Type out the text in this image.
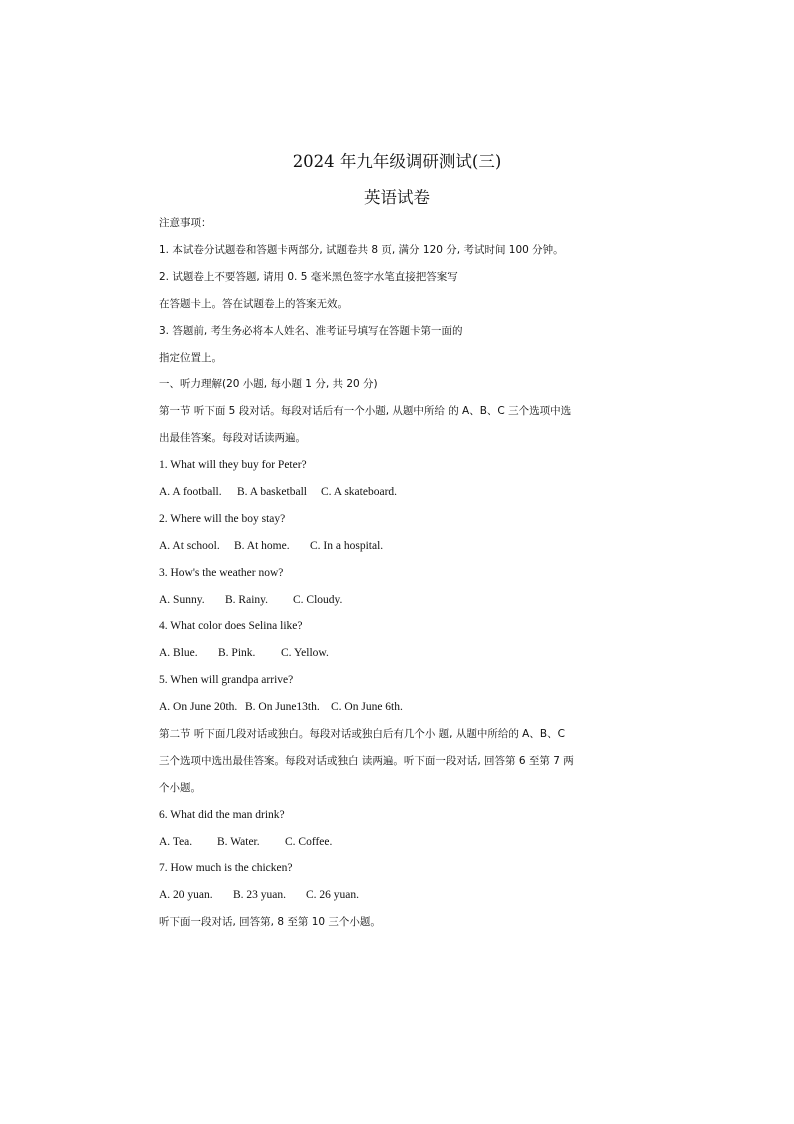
2024 年九年级调研测试(三)
英语试卷
注意事项：
1. 本试卷分试题卷和答题卡两部分, 试题卷共 8 页, 满分 120 分, 考试时间 100 分钟。
2. 试题卷上不要答题, 请用 0. 5 毫米黑色签字水笔直接把答案写
在答题卡上。答在试题卷上的答案无效。
3. 答题前, 考生务必将本人姓名、准考证号填写在答题卡第一面的
指定位置上。
一、听力理解(20 小题, 每小题 1 分, 共 20 分)
第一节 听下面 5 段对话。每段对话后有一个小题, 从题中所给 的 A、B、C 三个选项中选
出最佳答案。每段对话读两遍。
1. What will they buy for Peter?
A. A football. B. A basketball C. A skateboard.
2. Where will the boy stay?
A. At school. B. At home. C. In a hospital.
3. How's the weather now?
A. Sunny. B. Rainy. C. Cloudy.
4. What color does Selina like?
A. Blue. B. Pink. C. Yellow.
5. When will grandpa arrive?
A. On June 20th. B. On June13th. C. On June 6th.
第二节 听下面几段对话或独白。每段对话或独白后有几个小 题, 从题中所给的 A、B、C
三个选项中选出最佳答案。每段对话或独白 读两遍。听下面一段对话, 回答第 6 至第 7 两
个小题。
6. What did the man drink?
A. Tea. B. Water. C. Coffee.
7. How much is the chicken?
A. 20 yuan. B. 23 yuan. C. 26 yuan.
听下面一段对话, 回答第, 8 至第 10 三个小题。
